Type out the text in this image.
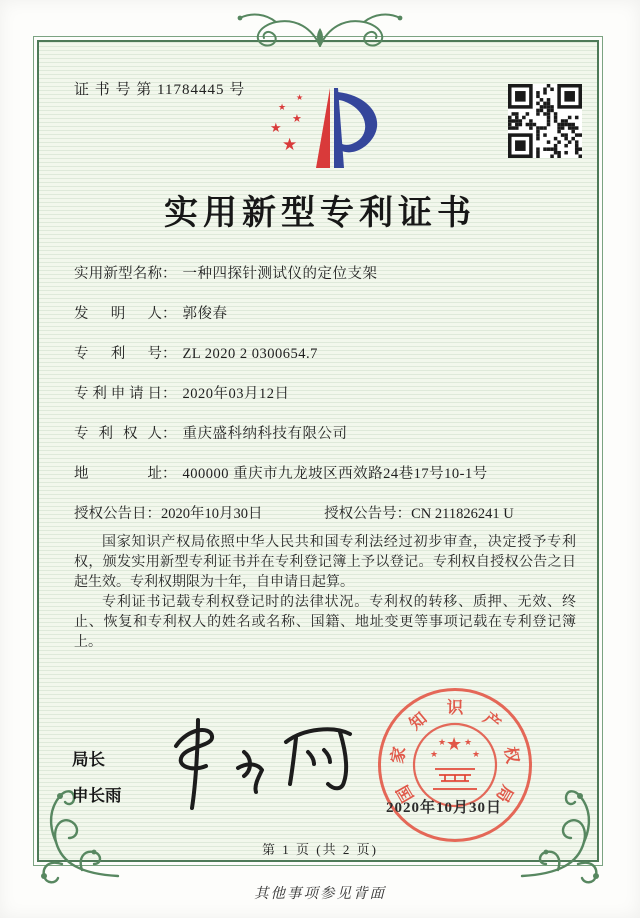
证 书 号 第 11784445 号
★
★
★
★
★
实用新型专利证书
实用新型名称： 一种四探针测试仪的定位支架
发明人： 郭俊春
专利号： ZL 2020 2 0300654.7
专利申请日： 2020年03月12日
专利权人： 重庆盛科纳科技有限公司
地址： 400000 重庆市九龙坡区西效路24巷17号10-1号
授权公告日：2020年10月30日	授权公告号：CN 211826241 U

国家知识产权局依照中华人民共和国专利法经过初步审查，决定授予专利权，颁发实用新型专利证书并在专利登记簿上予以登记。专利权自授权公告之日起生效。专利权期限为十年，自申请日起算。

专利证书记载专利权登记时的法律状况。专利权的转移、质押、无效、终止、恢复和专利权人的姓名或名称、国籍、地址变更等事项记载在专利登记簿上。

局长
申长雨
★
★
★ ★
★
国
家
知
识
产
权
局
2020年10月30日
第 1 页 (共 2 页)
其他事项参见背面
